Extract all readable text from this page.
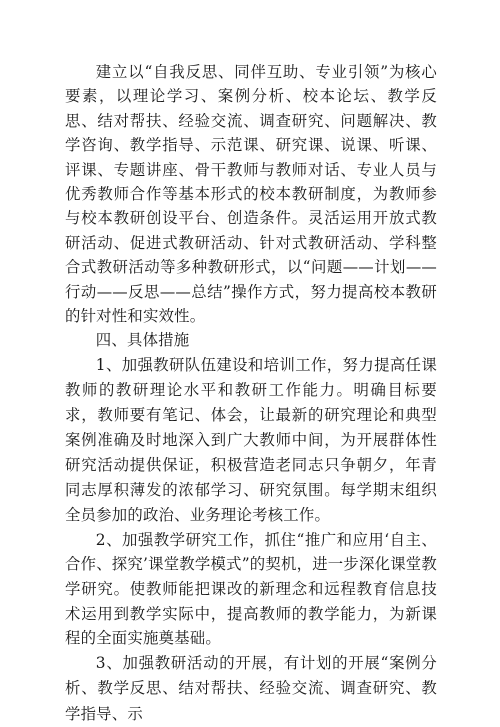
建立以“自我反思、同伴互助、专业引领”为核心要素，以理论学习、案例分析、校本论坛、教学反思、结对帮扶、经验交流、调查研究、问题解决、教学咨询、教学指导、示范课、研究课、说课、听课、评课、专题讲座、骨干教师与教师对话、专业人员与优秀教师合作等基本形式的校本教研制度，为教师参与校本教研创设平台、创造条件。灵活运用开放式教研活动、促进式教研活动、针对式教研活动、学科整合式教研活动等多种教研形式，以“问题——计划——行动——反思——总结”操作方式，努力提高校本教研的针对性和实效性。

四、具体措施

1、加强教研队伍建设和培训工作，努力提高任课教师的教研理论水平和教研工作能力。明确目标要求，教师要有笔记、体会，让最新的研究理论和典型案例准确及时地深入到广大教师中间，为开展群体性研究活动提供保证，积极营造老同志只争朝夕，年青同志厚积薄发的浓郁学习、研究氛围。每学期末组织全员参加的政治、业务理论考核工作。

2、加强教学研究工作，抓住“推广和应用‘自主、合作、探究’课堂教学模式”的契机，进一步深化课堂教学研究。使教师能把课改的新理念和远程教育信息技术运用到教学实际中，提高教师的教学能力，为新课程的全面实施奠基础。

3、加强教研活动的开展，有计划的开展“案例分析、教学反思、结对帮扶、经验交流、调查研究、教学指导、示
